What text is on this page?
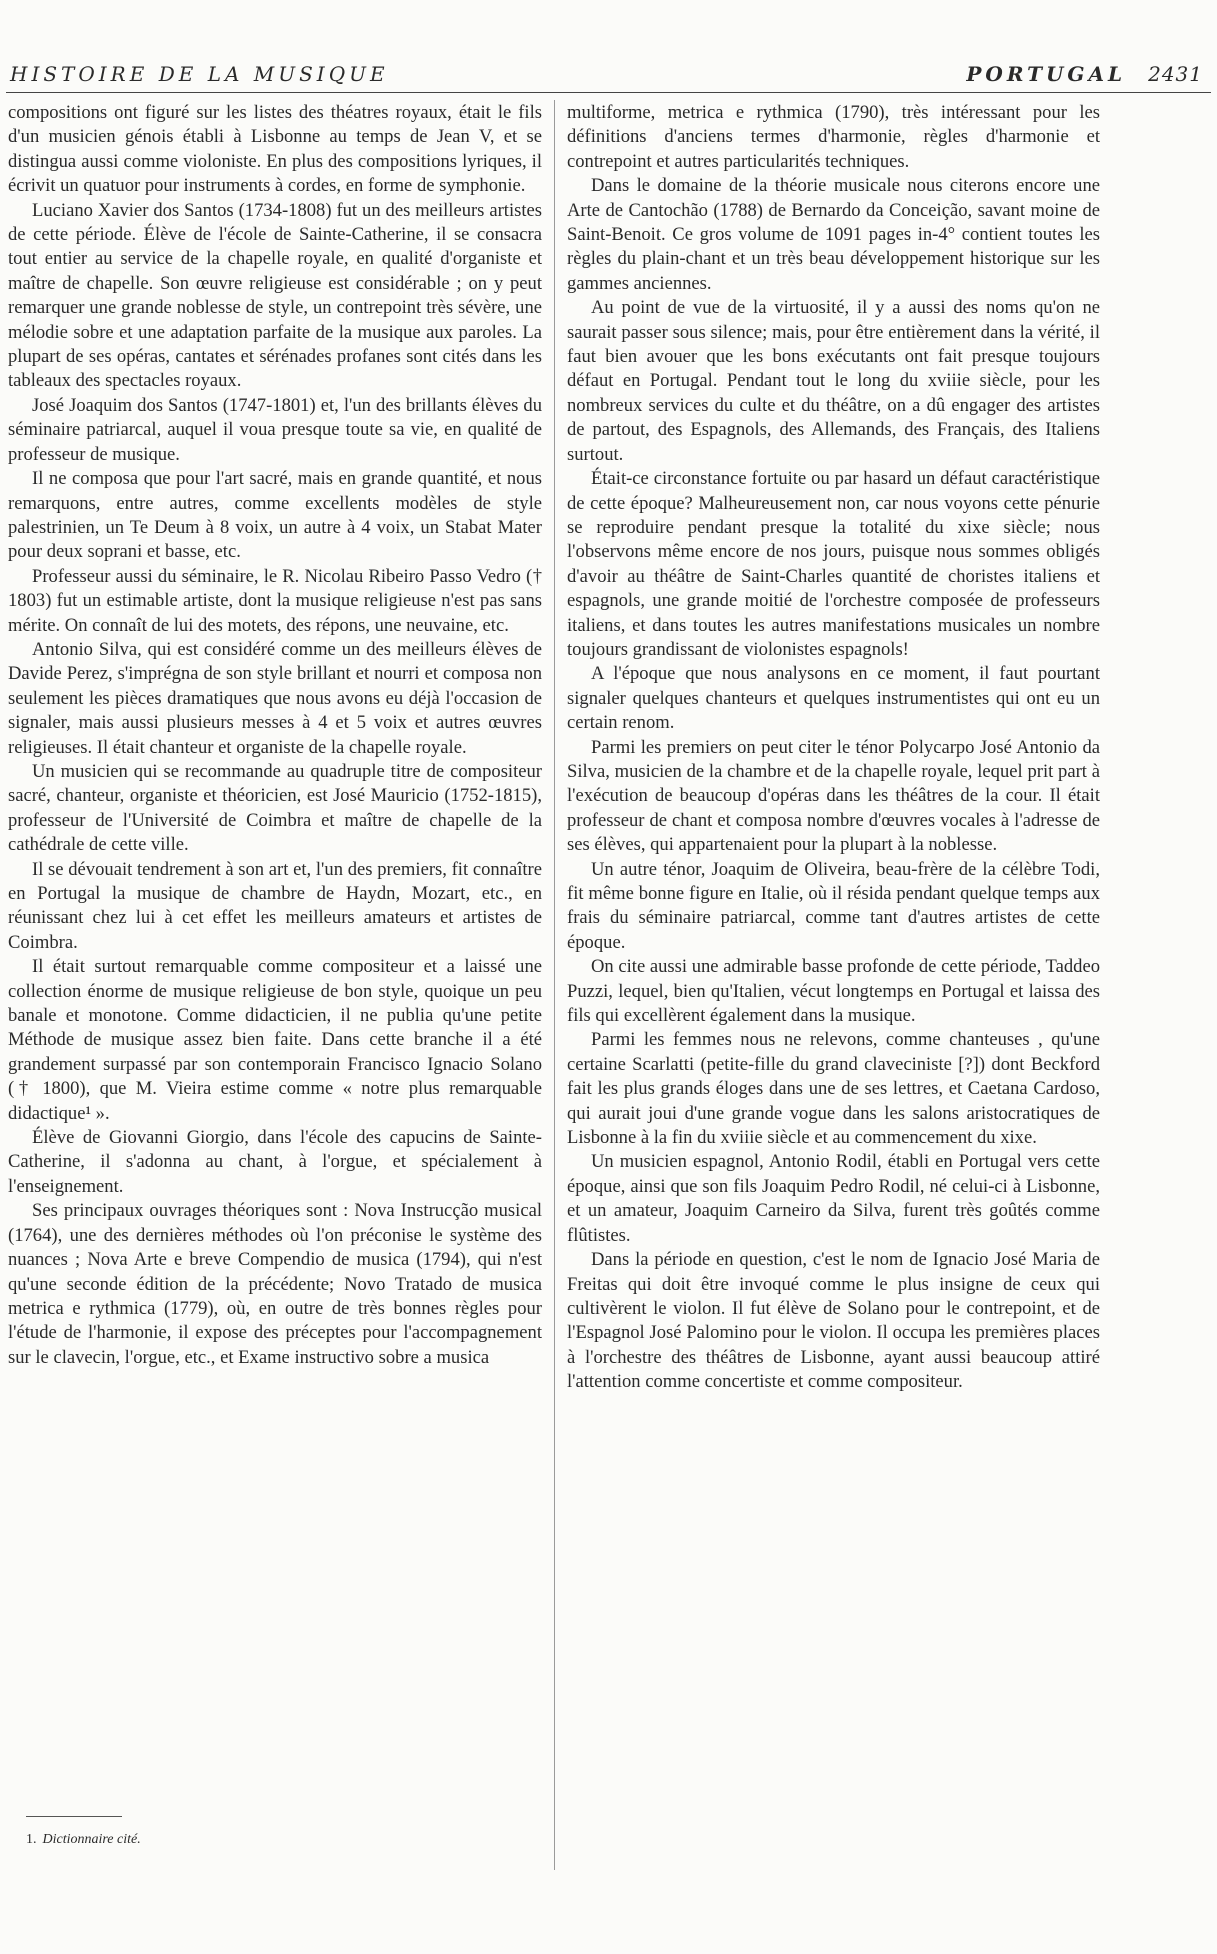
HISTOIRE DE LA MUSIQUE	PORTUGAL 2431

compositions ont figuré sur les listes des théatres royaux, était le fils d'un musicien génois établi à Lisbonne au temps de Jean V, et se distingua aussi comme violoniste. En plus des compositions lyriques, il écrivit un quatuor pour instruments à cordes, en forme de symphonie.

Luciano Xavier dos Santos (1734-1808) fut un des meilleurs artistes de cette période. Élève de l'école de Sainte-Catherine, il se consacra tout entier au service de la chapelle royale, en qualité d'organiste et maître de chapelle. Son œuvre religieuse est considérable ; on y peut remarquer une grande noblesse de style, un contrepoint très sévère, une mélodie sobre et une adaptation parfaite de la musique aux paroles. La plupart de ses opéras, cantates et sérénades profanes sont cités dans les tableaux des spectacles royaux.

José Joaquim dos Santos (1747-1801) et, l'un des brillants élèves du séminaire patriarcal, auquel il voua presque toute sa vie, en qualité de professeur de musique.

Il ne composa que pour l'art sacré, mais en grande quantité, et nous remarquons, entre autres, comme excellents modèles de style palestrinien, un Te Deum à 8 voix, un autre à 4 voix, un Stabat Mater pour deux soprani et basse, etc.

Professeur aussi du séminaire, le R. Nicolau Ribeiro Passo Vedro († 1803) fut un estimable artiste, dont la musique religieuse n'est pas sans mérite. On connaît de lui des motets, des répons, une neuvaine, etc.

Antonio Silva, qui est considéré comme un des meilleurs élèves de Davide Perez, s'imprégna de son style brillant et nourri et composa non seulement les pièces dramatiques que nous avons eu déjà l'occasion de signaler, mais aussi plusieurs messes à 4 et 5 voix et autres œuvres religieuses. Il était chanteur et organiste de la chapelle royale.

Un musicien qui se recommande au quadruple titre de compositeur sacré, chanteur, organiste et théoricien, est José Mauricio (1752-1815), professeur de l'Université de Coimbra et maître de chapelle de la cathédrale de cette ville.

Il se dévouait tendrement à son art et, l'un des premiers, fit connaître en Portugal la musique de chambre de Haydn, Mozart, etc., en réunissant chez lui à cet effet les meilleurs amateurs et artistes de Coimbra.

Il était surtout remarquable comme compositeur et a laissé une collection énorme de musique religieuse de bon style, quoique un peu banale et monotone. Comme didacticien, il ne publia qu'une petite Méthode de musique assez bien faite. Dans cette branche il a été grandement surpassé par son contemporain Francisco Ignacio Solano († 1800), que M. Vieira estime comme « notre plus remarquable didactique¹ ».

Élève de Giovanni Giorgio, dans l'école des capucins de Sainte-Catherine, il s'adonna au chant, à l'orgue, et spécialement à l'enseignement.

Ses principaux ouvrages théoriques sont : Nova Instrucção musical (1764), une des dernières méthodes où l'on préconise le système des nuances ; Nova Arte e breve Compendio de musica (1794), qui n'est qu'une seconde édition de la précédente; Novo Tratado de musica metrica e rythmica (1779), où, en outre de très bonnes règles pour l'étude de l'harmonie, il expose des préceptes pour l'accompagnement sur le clavecin, l'orgue, etc., et Exame instructivo sobre a musica

multiforme, metrica e rythmica (1790), très intéressant pour les définitions d'anciens termes d'harmonie, règles d'harmonie et contrepoint et autres particularités techniques.

Dans le domaine de la théorie musicale nous citerons encore une Arte de Cantochão (1788) de Bernardo da Conceição, savant moine de Saint-Benoit. Ce gros volume de 1091 pages in-4° contient toutes les règles du plain-chant et un très beau développement historique sur les gammes anciennes.

Au point de vue de la virtuosité, il y a aussi des noms qu'on ne saurait passer sous silence; mais, pour être entièrement dans la vérité, il faut bien avouer que les bons exécutants ont fait presque toujours défaut en Portugal. Pendant tout le long du xviiie siècle, pour les nombreux services du culte et du théâtre, on a dû engager des artistes de partout, des Espagnols, des Allemands, des Français, des Italiens surtout.

Était-ce circonstance fortuite ou par hasard un défaut caractéristique de cette époque? Malheureusement non, car nous voyons cette pénurie se reproduire pendant presque la totalité du xixe siècle; nous l'observons même encore de nos jours, puisque nous sommes obligés d'avoir au théâtre de Saint-Charles quantité de choristes italiens et espagnols, une grande moitié de l'orchestre composée de professeurs italiens, et dans toutes les autres manifestations musicales un nombre toujours grandissant de violonistes espagnols!

A l'époque que nous analysons en ce moment, il faut pourtant signaler quelques chanteurs et quelques instrumentistes qui ont eu un certain renom.

Parmi les premiers on peut citer le ténor Polycarpo José Antonio da Silva, musicien de la chambre et de la chapelle royale, lequel prit part à l'exécution de beaucoup d'opéras dans les théâtres de la cour. Il était professeur de chant et composa nombre d'œuvres vocales à l'adresse de ses élèves, qui appartenaient pour la plupart à la noblesse.

Un autre ténor, Joaquim de Oliveira, beau-frère de la célèbre Todi, fit même bonne figure en Italie, où il résida pendant quelque temps aux frais du séminaire patriarcal, comme tant d'autres artistes de cette époque.

On cite aussi une admirable basse profonde de cette période, Taddeo Puzzi, lequel, bien qu'Italien, vécut longtemps en Portugal et laissa des fils qui excellèrent également dans la musique.

Parmi les femmes nous ne relevons, comme chanteuses , qu'une certaine Scarlatti (petite-fille du grand claveciniste [?]) dont Beckford fait les plus grands éloges dans une de ses lettres, et Caetana Cardoso, qui aurait joui d'une grande vogue dans les salons aristocratiques de Lisbonne à la fin du xviiie siècle et au commencement du xixe.

Un musicien espagnol, Antonio Rodil, établi en Portugal vers cette époque, ainsi que son fils Joaquim Pedro Rodil, né celui-ci à Lisbonne, et un amateur, Joaquim Carneiro da Silva, furent très goûtés comme flûtistes.

Dans la période en question, c'est le nom de Ignacio José Maria de Freitas qui doit être invoqué comme le plus insigne de ceux qui cultivèrent le violon. Il fut élève de Solano pour le contrepoint, et de l'Espagnol José Palomino pour le violon. Il occupa les premières places à l'orchestre des théâtres de Lisbonne, ayant aussi beaucoup attiré l'attention comme concertiste et comme compositeur.

1. Dictionnaire cité.
